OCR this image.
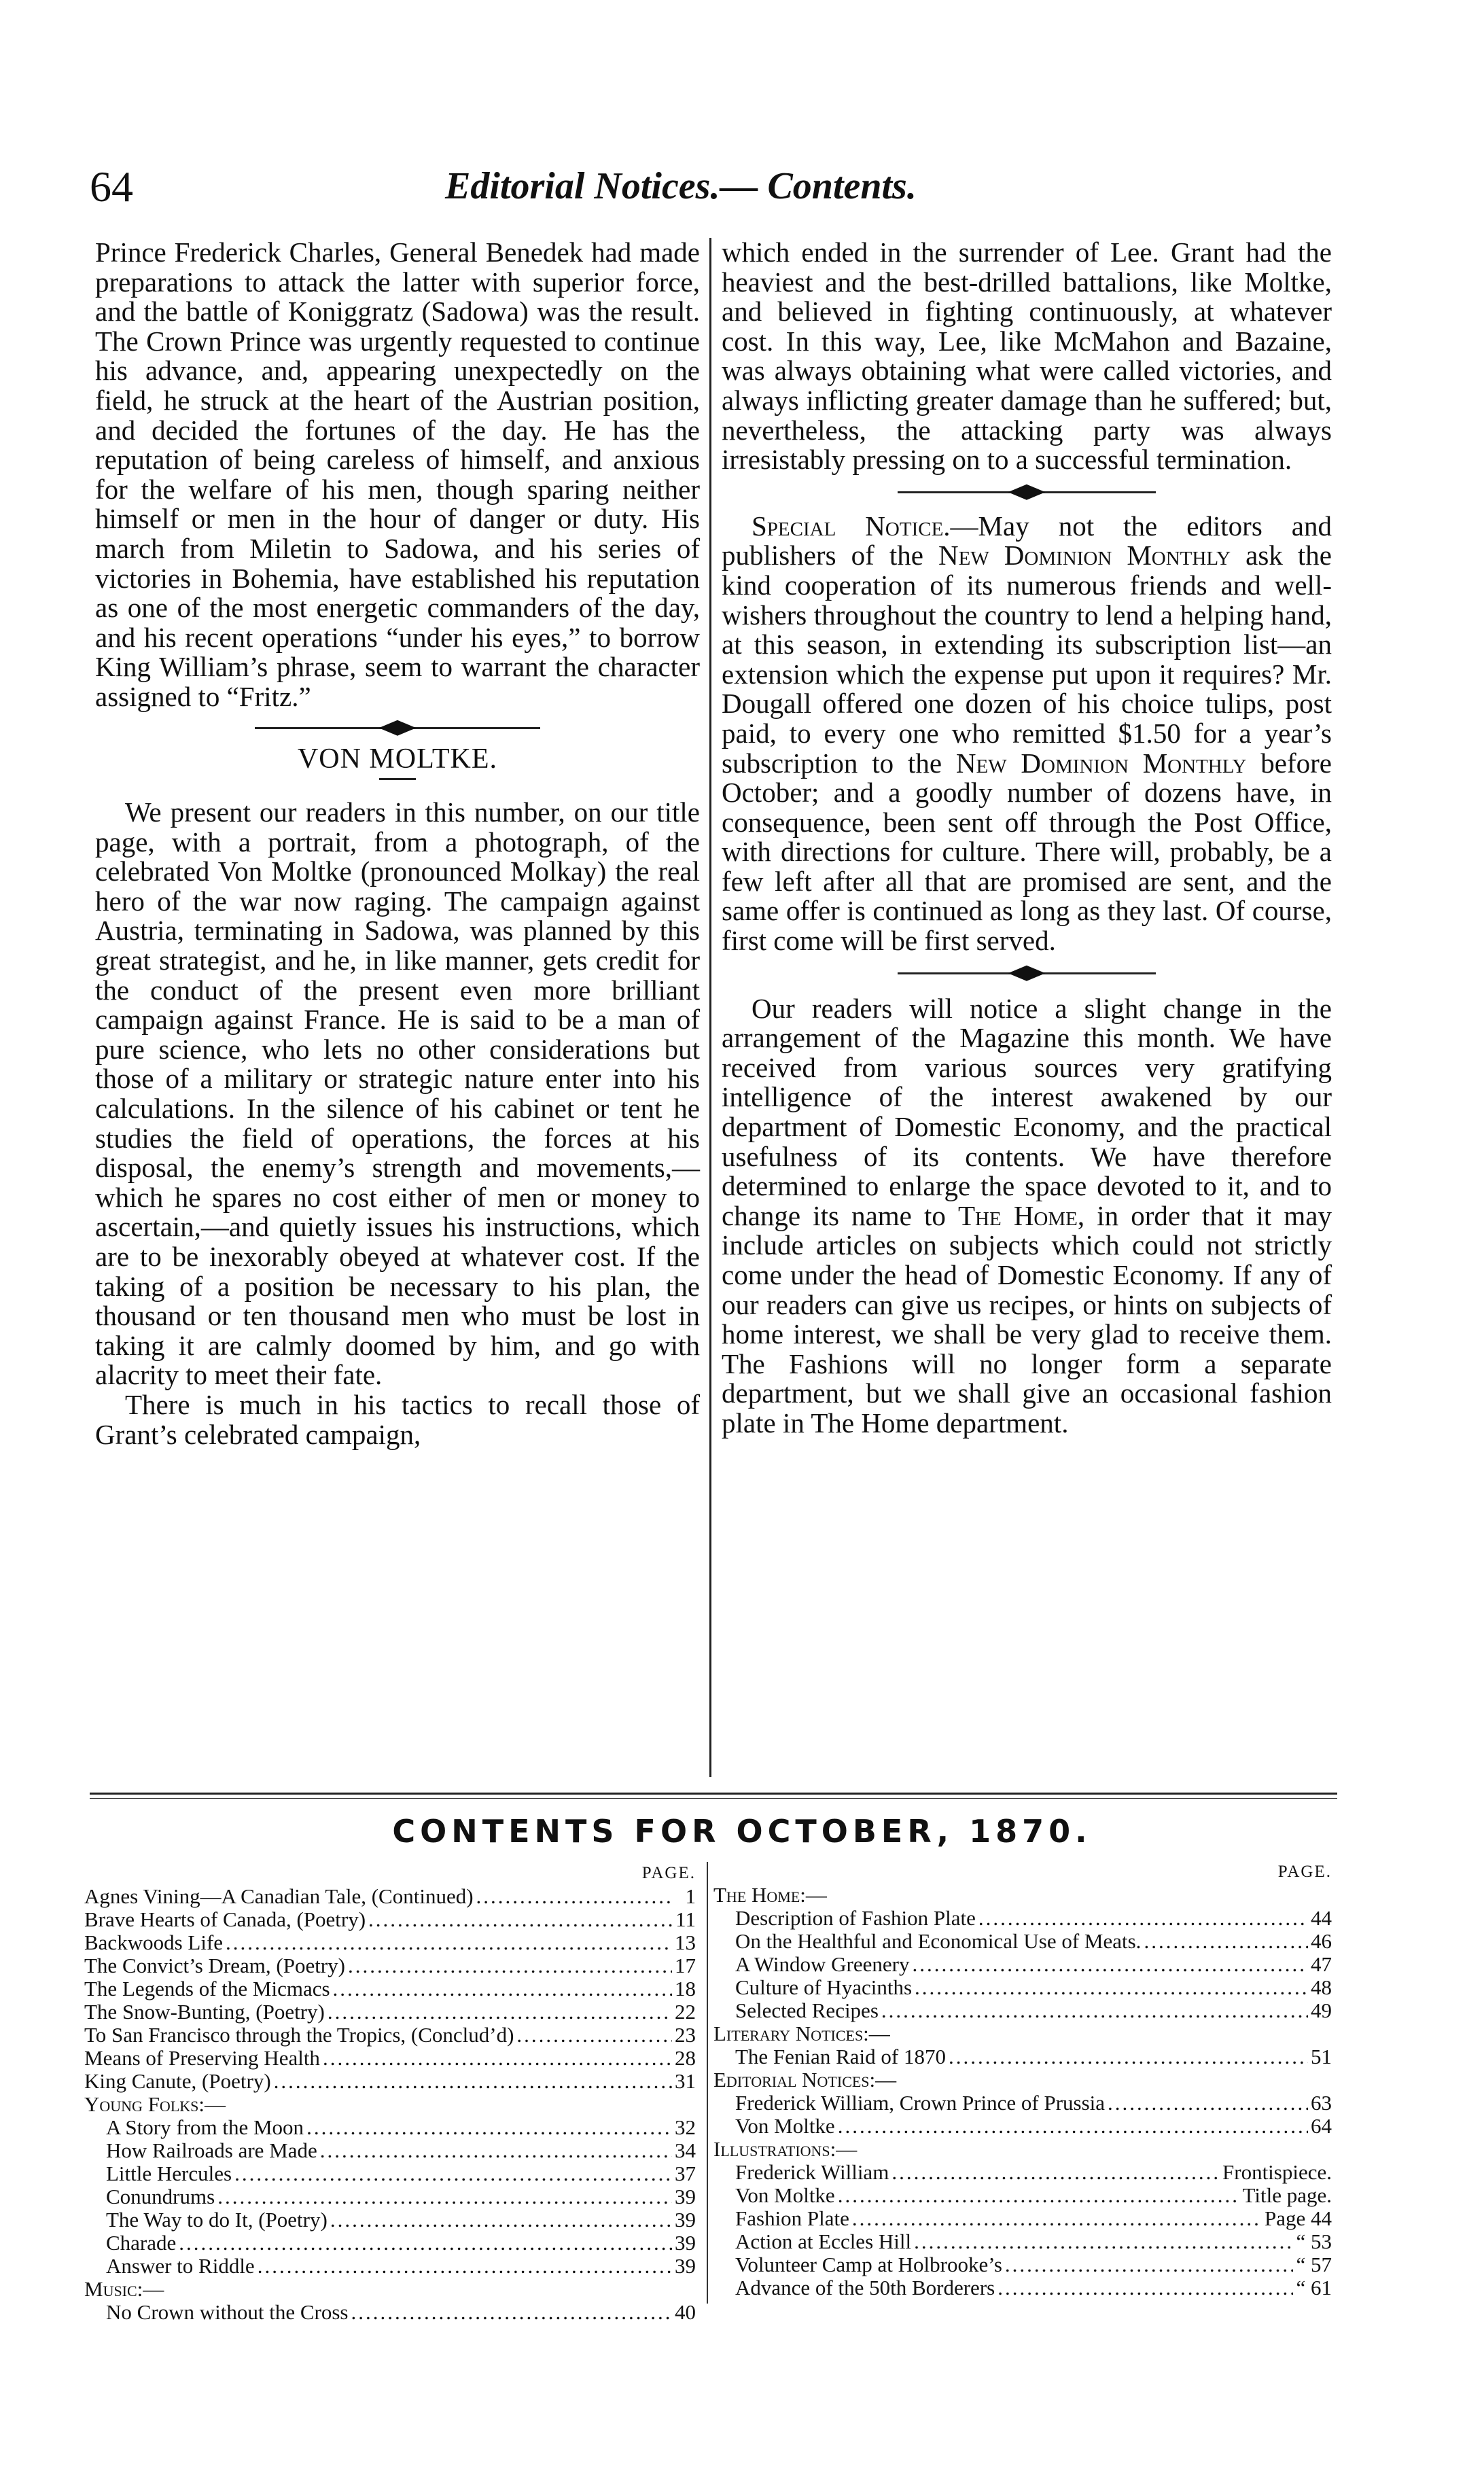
64	Editorial Notices.— Contents.

Prince Frederick Charles, General Benedek had made preparations to attack the latter with superior force, and the battle of Koniggratz (Sadowa) was the result. The Crown Prince was urgently requested to continue his advance, and, appearing unexpectedly on the field, he struck at the heart of the Austrian position, and decided the fortunes of the day. He has the reputation of being careless of himself, and anxious for the welfare of his men, though sparing neither himself or men in the hour of danger or duty. His march from Miletin to Sadowa, and his series of victories in Bohemia, have established his reputation as one of the most energetic commanders of the day, and his recent operations “under his eyes,” to borrow King William’s phrase, seem to warrant the character assigned to “Fritz.”

◆
VON MOLTKE.

We present our readers in this number, on our title page, with a portrait, from a photograph, of the celebrated Von Moltke (pronounced Molkay) the real hero of the war now raging. The campaign against Austria, terminating in Sadowa, was planned by this great strategist, and he, in like manner, gets credit for the conduct of the present even more brilliant campaign against France. He is said to be a man of pure science, who lets no other considerations but those of a military or strategic nature enter into his calculations. In the silence of his cabinet or tent he studies the field of operations, the forces at his disposal, the enemy’s strength and movements,—which he spares no cost either of men or money to ascertain,—and quietly issues his instructions, which are to be inexorably obeyed at whatever cost. If the taking of a position be necessary to his plan, the thousand or ten thousand men who must be lost in taking it are calmly doomed by him, and go with alacrity to meet their fate.

There is much in his tactics to recall those of Grant’s celebrated campaign,

which ended in the surrender of Lee. Grant had the heaviest and the best-drilled battalions, like Moltke, and believed in fighting continuously, at whatever cost. In this way, Lee, like McMahon and Bazaine, was always obtaining what were called victories, and always inflicting greater damage than he suffered; but, nevertheless, the attacking party was always irresistably pressing on to a successful termination.

◆

Special Notice.—May not the editors and publishers of the New Dominion Monthly ask the kind cooperation of its numerous friends and well-wishers throughout the country to lend a helping hand, at this season, in extending its subscription list—an extension which the expense put upon it requires? Mr. Dougall offered one dozen of his choice tulips, post paid, to every one who remitted $1.50 for a year’s subscription to the New Dominion Monthly before October; and a goodly number of dozens have, in consequence, been sent off through the Post Office, with directions for culture. There will, probably, be a few left after all that are promised are sent, and the same offer is continued as long as they last. Of course, first come will be first served.

◆

Our readers will notice a slight change in the arrangement of the Magazine this month. We have received from various sources very gratifying intelligence of the interest awakened by our department of Domestic Economy, and the practical usefulness of its contents. We have therefore determined to enlarge the space devoted to it, and to change its name to The Home, in order that it may include articles on subjects which could not strictly come under the head of Domestic Economy. If any of our readers can give us recipes, or hints on subjects of home interest, we shall be very glad to receive them. The Fashions will no longer form a separate department, but we shall give an occasional fashion plate in The Home department.

CONTENTS FOR OCTOBER, 1870.
PAGE.
Agnes Vining—A Canadian Tale, (Continued) .....	1
Brave Hearts of Canada, (Poetry) .....	11
Backwoods Life .....	13
The Convict’s Dream, (Poetry) .....	17
The Legends of the Micmacs .....	18
The Snow-Bunting, (Poetry) .....	22
To San Francisco through the Tropics, (Conclud’d) .....	23
Means of Preserving Health .....	28
King Canute, (Poetry) .....	31
Young Folks:—
A Story from the Moon .....	32
How Railroads are Made .....	34
Little Hercules .....	37
Conundrums .....	39
The Way to do It, (Poetry) .....	39
Charade .....	39
Answer to Riddle .....	39
Music:—
No Crown without the Cross .....	40
PAGE.
The Home:—
Description of Fashion Plate .....	44
On the Healthful and Economical Use of Meats. .....	46
A Window Greenery .....	47
Culture of Hyacinths .....	48
Selected Recipes .....	49
Literary Notices:—
The Fenian Raid of 1870 .....	51
Editorial Notices:—
Frederick William, Crown Prince of Prussia .....	63
Von Moltke .....	64
Illustrations:—
Frederick William .....	Frontispiece.
Von Moltke .....	Title page.
Fashion Plate .....	Page 44
Action at Eccles Hill .....	“ 53
Volunteer Camp at Holbrooke’s .....	“ 57
Advance of the 50th Borderers .....	“ 61
